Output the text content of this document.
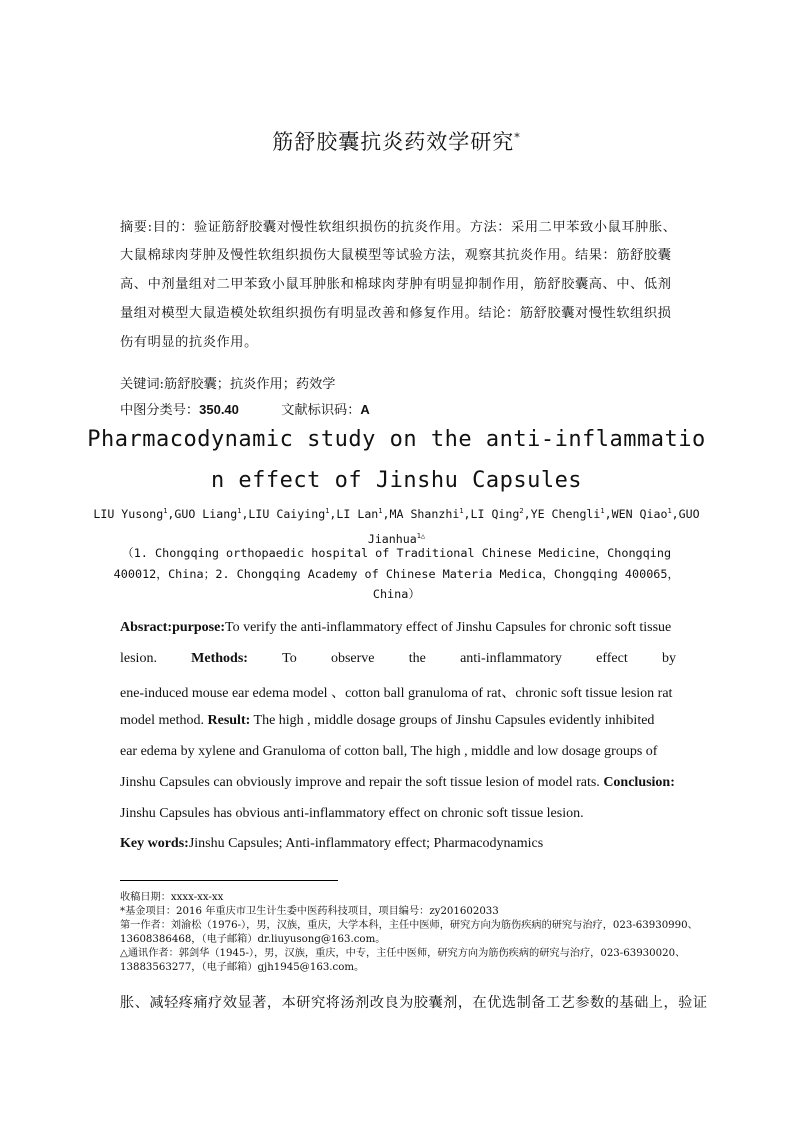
筋舒胶囊抗炎药效学研究*
摘要:目的：验证筋舒胶囊对慢性软组织损伤的抗炎作用。方法：采用二甲苯致小鼠耳肿胀、
大鼠棉球肉芽肿及慢性软组织损伤大鼠模型等试验方法，观察其抗炎作用。结果：筋舒胶囊
高、中剂量组对二甲苯致小鼠耳肿胀和棉球肉芽肿有明显抑制作用，筋舒胶囊高、中、低剂
量组对模型大鼠造模处软组织损伤有明显改善和修复作用。结论：筋舒胶囊对慢性软组织损
伤有明显的抗炎作用。
关键词:筋舒胶囊；抗炎作用；药效学
中图分类号：350.40	文献标识码：A
Pharmacodynamic study on the anti-inflammatio
n effect of Jinshu Capsules
LIU Yusong$^1$,GUO Liang$^1$,LIU Caiying$^1$,LI Lan$^1$,MA Shanzhi$^1$,LI Qing$^2$,YE Chengli$^1$,WEN Qiao$^1$,GUO Jianhua$^{1\triangle}$
（1. Chongqing orthopaedic hospital of Traditional Chinese Medicine，Chongqing 400012，China；2. Chongqing Academy of Chinese Materia Medica，Chongqing 400065，China）
Absract:purpose:To verify the anti-inflammatory effect of Jinshu Capsules for chronic soft tissue
lesion. Methods: To observe the anti-inflammatory effect by
ene-induced mouse ear edema model 、cotton ball granuloma of rat、chronic soft tissue lesion rat
model method. Result: The high , middle dosage groups of Jinshu Capsules evidently inhibited
ear edema by xylene and Granuloma of cotton ball, The high , middle and low dosage groups of
Jinshu Capsules can obviously improve and repair the soft tissue lesion of model rats. Conclusion:
Jinshu Capsules has obvious anti-inflammatory effect on chronic soft tissue lesion.
Key words:Jinshu Capsules; Anti-inflammatory effect; Pharmacodynamics
收稿日期：xxxx-xx-xx
*基金项目：2016 年重庆市卫生计生委中医药科技项目，项目编号：zy201602033
第一作者：刘渝松（1976-），男，汉族，重庆，大学本科，主任中医师，研究方向为筋伤疾病的研究与治疗，023-63930990、
13608386468，（电子邮箱）dr.liuyusong@163.com。
△通讯作者：郭剑华（1945-），男，汉族，重庆，中专，主任中医师，研究方向为筋伤疾病的研究与治疗，023-63930020、
13883563277，（电子邮箱）gjh1945@163.com。
胀、减轻疼痛疗效显著，本研究将汤剂改良为胶囊剂，在优选制备工艺参数的基础上，验证
